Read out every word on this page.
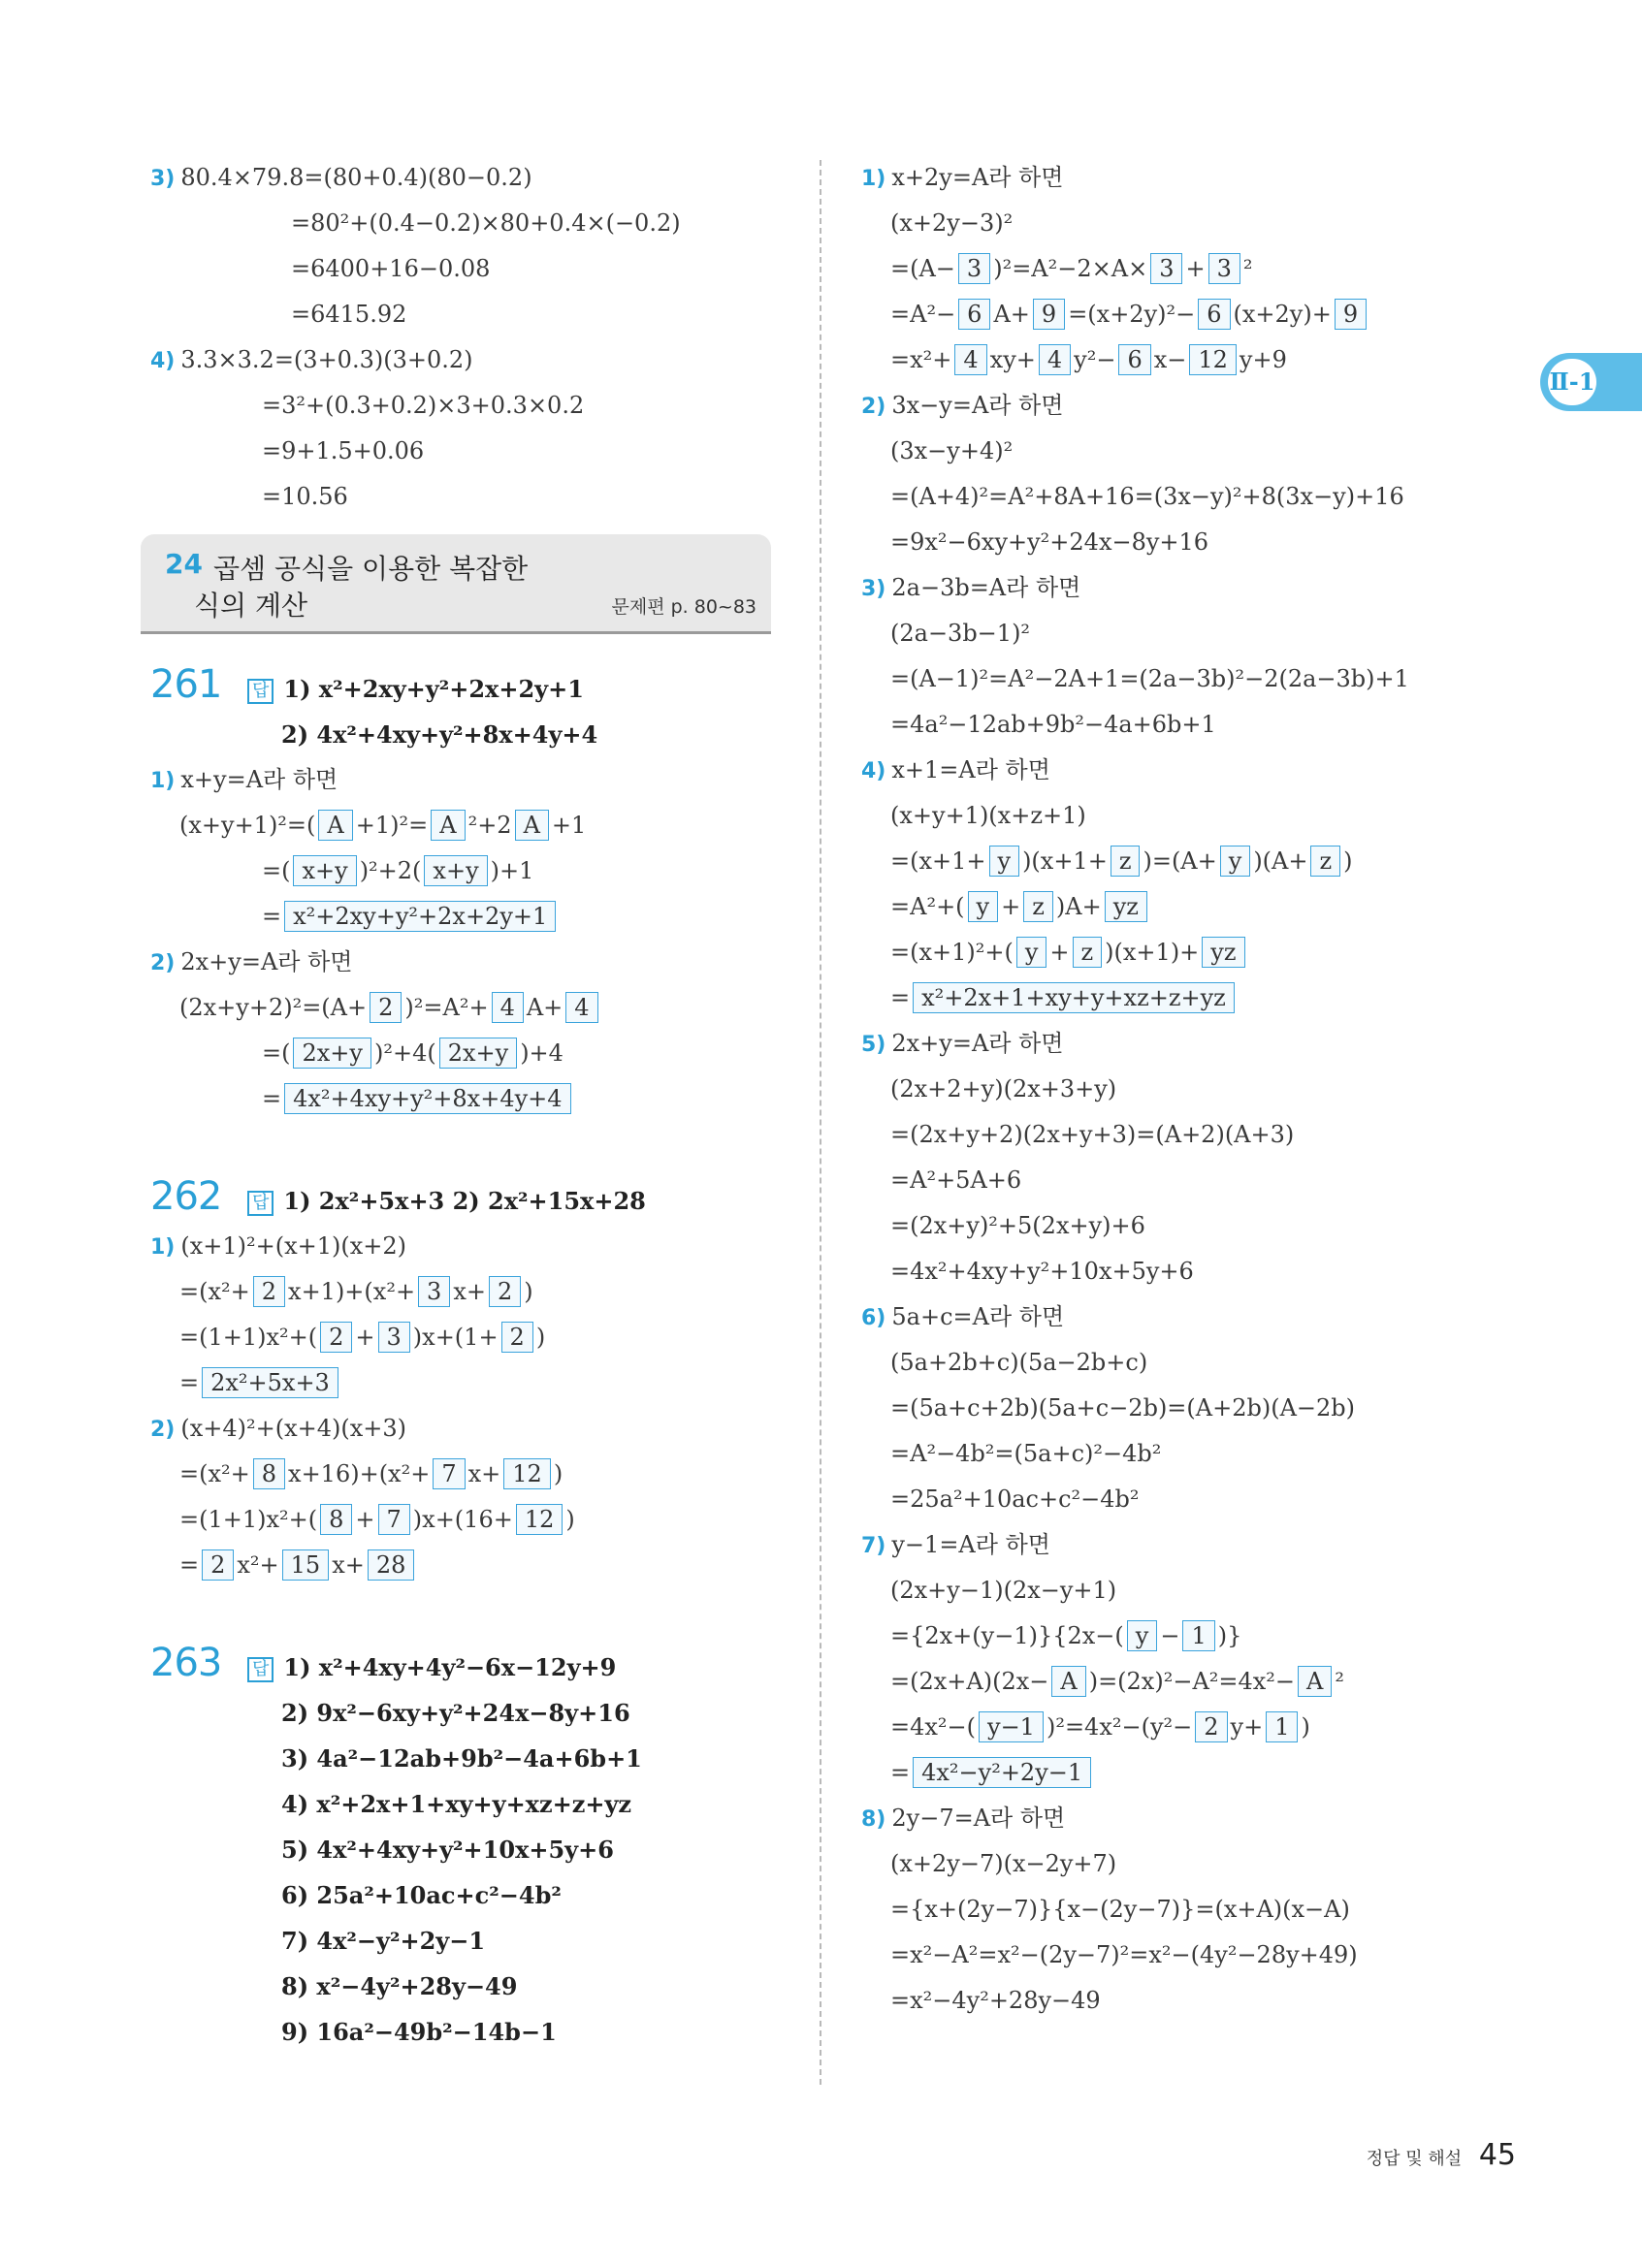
3) 80.4×79.8=(80+0.4)(80−0.2)
=80²+(0.4−0.2)×80+0.4×(−0.2)
=6400+16−0.08
=6415.92
4) 3.3×3.2=(3+0.3)(3+0.2)
=3²+(0.3+0.2)×3+0.3×0.2
=9+1.5+0.06
=10.56
24 곱셈 공식을 이용한 복잡한
식의 계산	문제편 p. 80~83
261 답 1) x²+2xy+y²+2x+2y+1
2) 4x²+4xy+y²+8x+4y+4
1) x+y=A라 하면
(x+y+1)²=( A +1)²= A ²+2 A +1
=( x+y )²+2( x+y )+1
= x²+2xy+y²+2x+2y+1
2) 2x+y=A라 하면
(2x+y+2)²=(A+ 2 )²=A²+ 4 A+ 4
=( 2x+y )²+4( 2x+y )+4
= 4x²+4xy+y²+8x+4y+4
262 답 1) 2x²+5x+3 2) 2x²+15x+28
1) (x+1)²+(x+1)(x+2)
=(x²+ 2 x+1)+(x²+ 3 x+ 2 )
=(1+1)x²+( 2 + 3 )x+(1+ 2 )
= 2x²+5x+3
2) (x+4)²+(x+4)(x+3)
=(x²+ 8 x+16)+(x²+ 7 x+ 12 )
=(1+1)x²+( 8 + 7 )x+(16+ 12 )
= 2 x²+ 15 x+ 28
263 답 1) x²+4xy+4y²−6x−12y+9
2) 9x²−6xy+y²+24x−8y+16
3) 4a²−12ab+9b²−4a+6b+1
4) x²+2x+1+xy+y+xz+z+yz
5) 4x²+4xy+y²+10x+5y+6
6) 25a²+10ac+c²−4b²
7) 4x²−y²+2y−1
8) x²−4y²+28y−49
9) 16a²−49b²−14b−1
1) x+2y=A라 하면
(x+2y−3)²
=(A− 3 )²=A²−2×A× 3 + 3 ²
=A²− 6 A+ 9 =(x+2y)²− 6 (x+2y)+ 9
=x²+ 4 xy+ 4 y²− 6 x− 12 y+9
2) 3x−y=A라 하면
(3x−y+4)²
=(A+4)²=A²+8A+16=(3x−y)²+8(3x−y)+16
=9x²−6xy+y²+24x−8y+16
3) 2a−3b=A라 하면
(2a−3b−1)²
=(A−1)²=A²−2A+1=(2a−3b)²−2(2a−3b)+1
=4a²−12ab+9b²−4a+6b+1
4) x+1=A라 하면
(x+y+1)(x+z+1)
=(x+1+ y )(x+1+ z )=(A+ y )(A+ z )
=A²+( y + z )A+ yz
=(x+1)²+( y + z )(x+1)+ yz
= x²+2x+1+xy+y+xz+z+yz
5) 2x+y=A라 하면
(2x+2+y)(2x+3+y)
=(2x+y+2)(2x+y+3)=(A+2)(A+3)
=A²+5A+6
=(2x+y)²+5(2x+y)+6
=4x²+4xy+y²+10x+5y+6
6) 5a+c=A라 하면
(5a+2b+c)(5a−2b+c)
=(5a+c+2b)(5a+c−2b)=(A+2b)(A−2b)
=A²−4b²=(5a+c)²−4b²
=25a²+10ac+c²−4b²
7) y−1=A라 하면
(2x+y−1)(2x−y+1)
={2x+(y−1)}{2x−( y − 1 )}
=(2x+A)(2x− A )=(2x)²−A²=4x²− A ²
=4x²−( y−1 )²=4x²−(y²− 2 y+ 1 )
= 4x²−y²+2y−1
8) 2y−7=A라 하면
(x+2y−7)(x−2y+7)
={x+(2y−7)}{x−(2y−7)}=(x+A)(x−A)
=x²−A²=x²−(2y−7)²=x²−(4y²−28y+49)
=x²−4y²+28y−49
Ⅱ-1
정답 및 해설 45
